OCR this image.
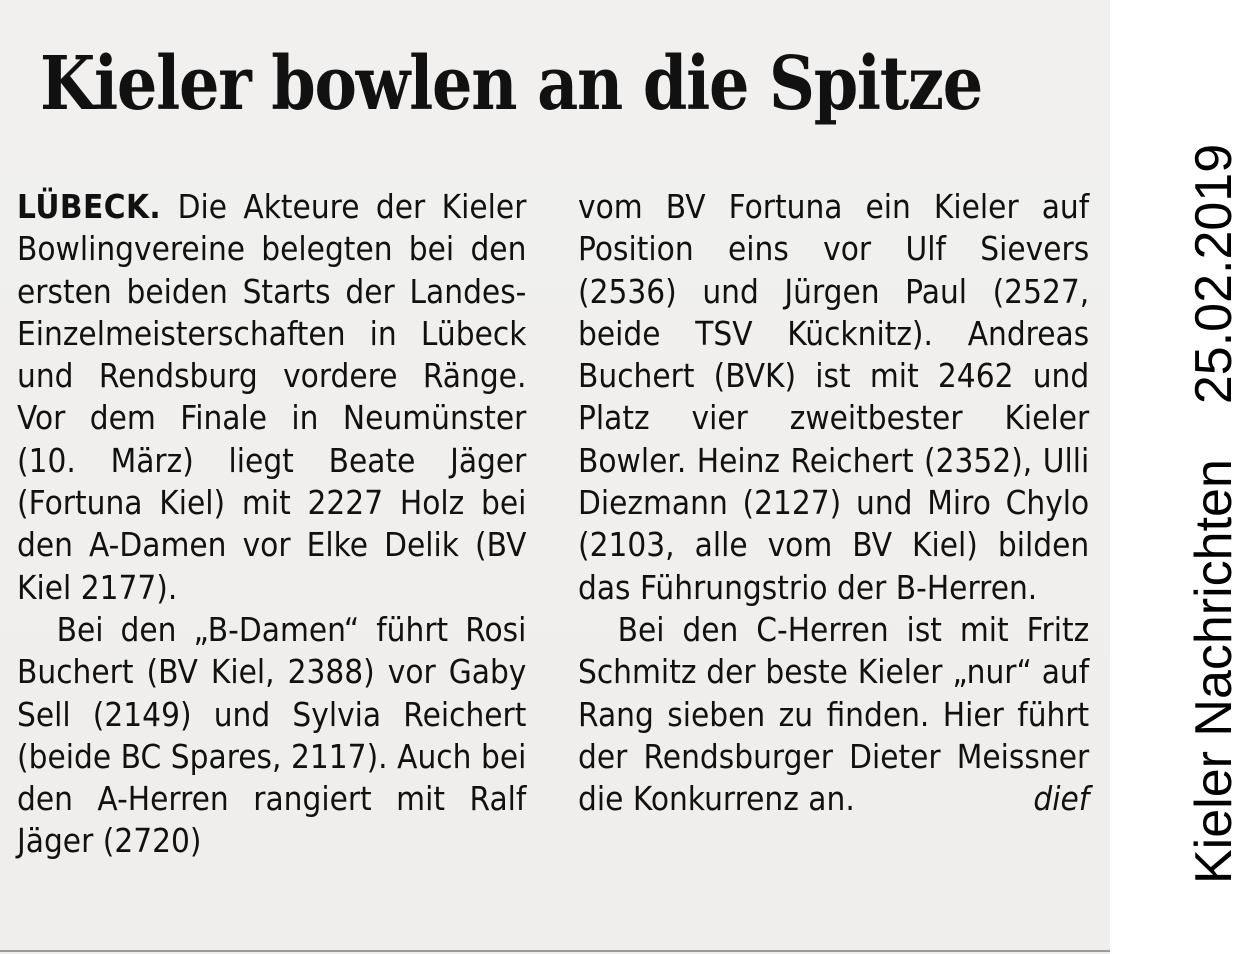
Kieler bowlen an die Spitze

LÜBECK. Die Akteure der Kieler Bowlingvereine belegten bei den ersten beiden Starts der Landes-Einzelmeisterschaften in Lübeck und Rendsburg vordere Ränge. Vor dem Finale in Neumünster (10. März) liegt Beate Jäger (Fortuna Kiel) mit 2227 Holz bei den A-Damen vor Elke Delik (BV Kiel 2177).

Bei den „B-Damen“ führt Rosi Buchert (BV Kiel, 2388) vor Gaby Sell (2149) und Sylvia Reichert (beide BC Spares, 2117). Auch bei den A-Herren rangiert mit Ralf Jäger (2720)

vom BV Fortuna ein Kieler auf Position eins vor Ulf Sievers (2536) und Jürgen Paul (2527, beide TSV Kücknitz). Andreas Buchert (BVK) ist mit 2462 und Platz vier zweitbester Kieler Bowler. Heinz Reichert (2352), Ulli Diezmann (2127) und Miro Chylo (2103, alle vom BV Kiel) bilden das Führungstrio der B-Herren.

Bei den C-Herren ist mit Fritz Schmitz der beste Kieler „nur“ auf Rang sieben zu finden. Hier führt der Rendsburger Dieter Meissner die Konkurrenz an.	dief Kieler Nachrichten25.02.2019
